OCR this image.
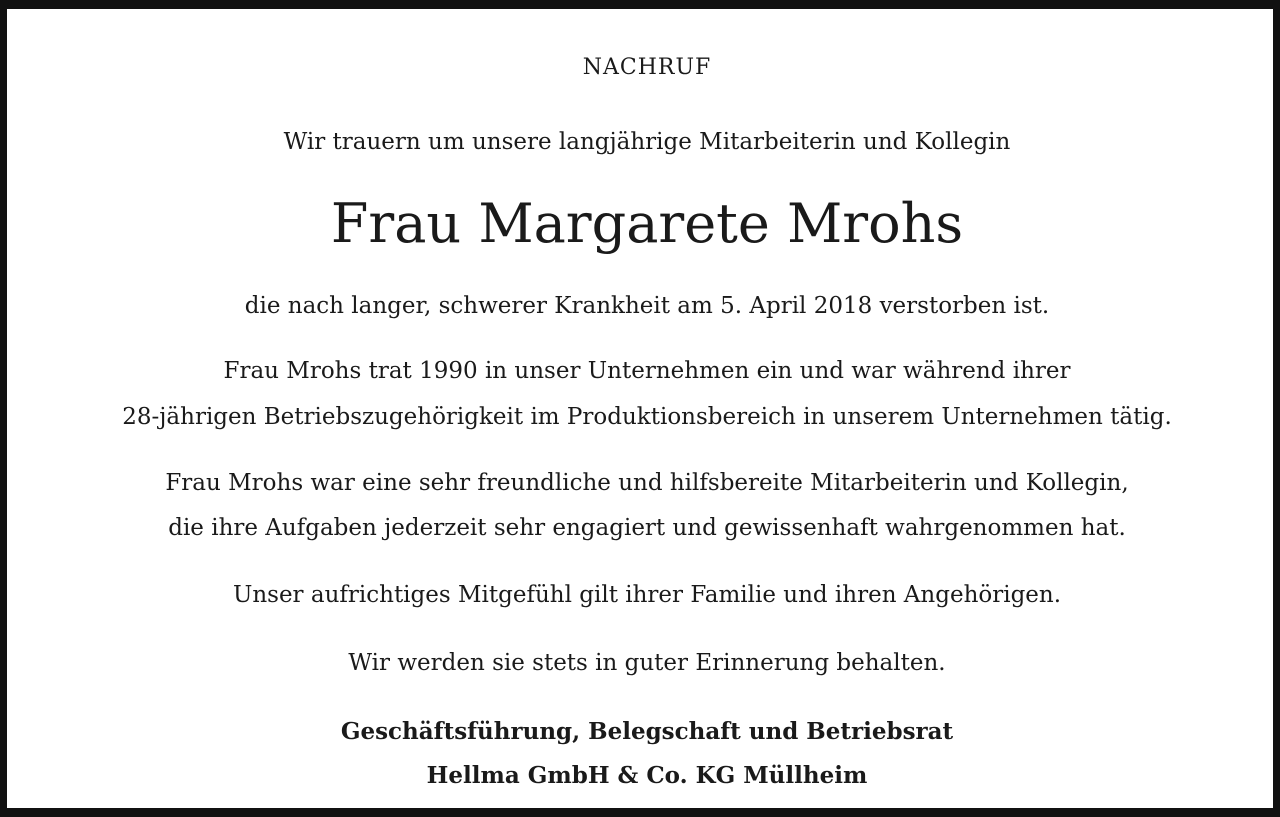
NACHRUF

Wir trauern um unsere langjährige Mitarbeiterin und Kollegin

Frau Margarete Mrohs

die nach langer, schwerer Krankheit am 5. April 2018 verstorben ist.

Frau Mrohs trat 1990 in unser Unternehmen ein und war während ihrer

28-jährigen Betriebszugehörigkeit im Produktionsbereich in unserem Unternehmen tätig.

Frau Mrohs war eine sehr freundliche und hilfsbereite Mitarbeiterin und Kollegin,

die ihre Aufgaben jederzeit sehr engagiert und gewissenhaft wahrgenommen hat.

Unser aufrichtiges Mitgefühl gilt ihrer Familie und ihren Angehörigen.

Wir werden sie stets in guter Erinnerung behalten.

Geschäftsführung, Belegschaft und Betriebsrat

Hellma GmbH & Co. KG Müllheim
